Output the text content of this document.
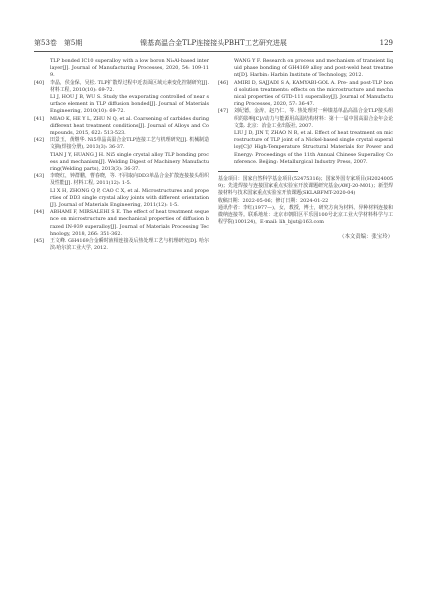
第53卷　第5期	镍基高温合金TLP连接接头PBHT工艺研究进展	129
TLP bonded IC10 superalloy with a low boron Ni₃Al-based interlayer[J]. Journal of Manufacturing Processes, 2020, 54: 109-119.
[40] 李晶，侯金保，吴松. TLP扩散焊过程中近表面区域元素变化控制研究[J]. 材料工程, 2010(10): 69-72.
LI J, HOU J B, WU S. Study the evaporating controlled of near surface element in TLP diffusion bonded[J]. Journal of Materials Engineering, 2010(10): 69-72.
[41] MIAO K, HE Y L, ZHU N Q, et al. Coarsening of carbides during different heat treatment conditions[J]. Journal of Alloys and Compounds, 2015, 622: 513-523.
[42] 田景玉，黄继华. Ni5单晶高温合金TLP连接工艺与机理研究[J]. 机械制造文摘(焊接分册), 2013(3): 36-37.
TIAN J Y, HUANG J H. Ni5 single crystal alloy TLP bonding process and mechanism[J]. Welding Digest of Machinery Manufacturing(Welding parts), 2013(3): 36-37.
[43] 李晓红，钟群鹏，曹春晓，等. 不同取向DD3单晶合金扩散连接接头组织及性能[J]. 材料工程, 2011(12): 1-5.
LI X H, ZHONG Q P, CAO C X, et al. Microstructures and properties of DD3 single crystal alloy joints with different orientation[J]. Journal of Materials Engineering, 2011(12): 1-5.
[44] ABHAMI F, MIRSALEHI S E. The effect of heat treatment sequence on microstructure and mechanical properties of diffusion brazed IN-939 superalloy[J]. Journal of Materials Processing Technology, 2018, 266: 351-362.
[45] 王文峰. GH4169合金瞬时液相连接及后热处理工艺与机理研究[D]. 哈尔滨:哈尔滨工业大学, 2012.
WANG Y F. Research on process and mechanism of transient liquid phase bonding of GH4169 alloy and post-weld heat treatment[D]. Harbin: Harbin Institute of Technology, 2012.
[46] AMIRI D, SAJJADI S A, KAMYABI-GOL A. Pre- and post-TLP bond solution treatments: effects on the microstructure and mechanical properties of GTD-111 superalloy[J]. Journal of Manufacturing Processes, 2020, 57: 36-47.
[47] 刘纪德，金涛，赵乃仁，等. 热处理对一种镍基单晶高温合金TLP接头组织的影响[C]//动力与能源用高温结构材料：第十一届中国高温合金年会论文集. 北京：冶金工业出版社, 2007.
LIU J D, JIN T, ZHAO N R, et al. Effect of heat treatment on microstructure of TLP joint of a Nickel-based single crystal superalloy[C]// High-Temperature Structural Materials for Power and Energy: Proceedings of the 11th Annual Chinese Superalloy Conference. Beijing: Metallurgical Industry Press, 2007.

基金项目：国家自然科学基金项目(52475316)；国家外国专家项目(H20240059)；先进焊接与连接国家重点实验室开放课题研究基金(AWJ-20-M01)；新型焊接材料与技术国家重点实验室开放课题(SKLABFMT-2020-04)

收稿日期：2022-05-06；修订日期：2024-01-22

通讯作者：李红(1977—)，女，教授，博士，研究方向为材料、异种材料连接和微纳连接等。联系地址：北京市朝阳区平乐园100号北京工业大学材料科学与工程学院(100124)，E-mail: lih_bjut@163.com

（本文责编：张宝玲）
